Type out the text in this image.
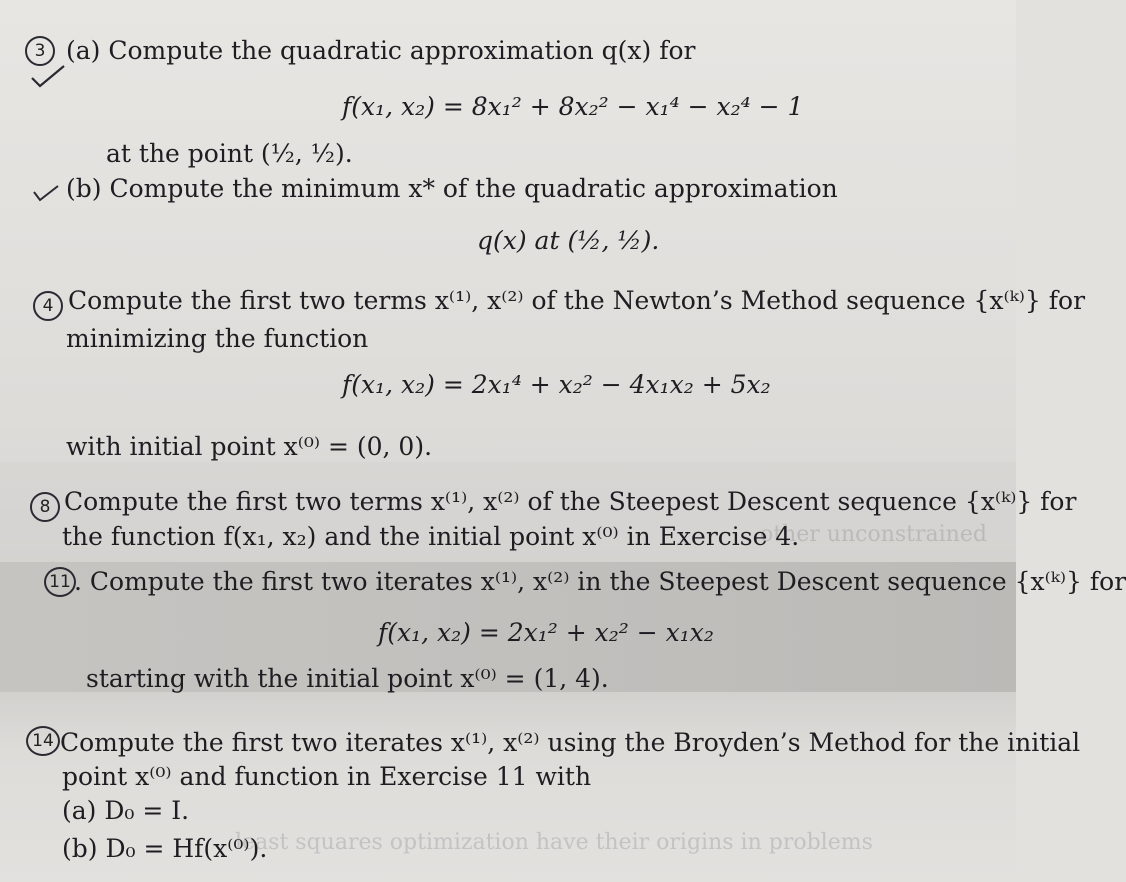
other unconstrained
least squares optimization have their origins in problems
3 (a) Compute the quadratic approximation q(x) for
f(x₁, x₂) = 8x₁² + 8x₂² − x₁⁴ − x₂⁴ − 1
at the point (½, ½).
(b) Compute the minimum x* of the quadratic approximation
q(x) at (½, ½).
4 Compute the first two terms x⁽¹⁾, x⁽²⁾ of the Newton’s Method sequence {x⁽ᵏ⁾} for
minimizing the function
f(x₁, x₂) = 2x₁⁴ + x₂² − 4x₁x₂ + 5x₂
with initial point x⁽⁰⁾ = (0, 0).
8 Compute the first two terms x⁽¹⁾, x⁽²⁾ of the Steepest Descent sequence {x⁽ᵏ⁾} for
the function f(x₁, x₂) and the initial point x⁽⁰⁾ in Exercise 4.
11 . Compute the first two iterates x⁽¹⁾, x⁽²⁾ in the Steepest Descent sequence {x⁽ᵏ⁾} for
f(x₁, x₂) = 2x₁² + x₂² − x₁x₂
starting with the initial point x⁽⁰⁾ = (1, 4).
14 Compute the first two iterates x⁽¹⁾, x⁽²⁾ using the Broyden’s Method for the initial
point x⁽⁰⁾ and function in Exercise 11 with
(a) D₀ = I.
(b) D₀ = Hf(x⁽⁰⁾).
